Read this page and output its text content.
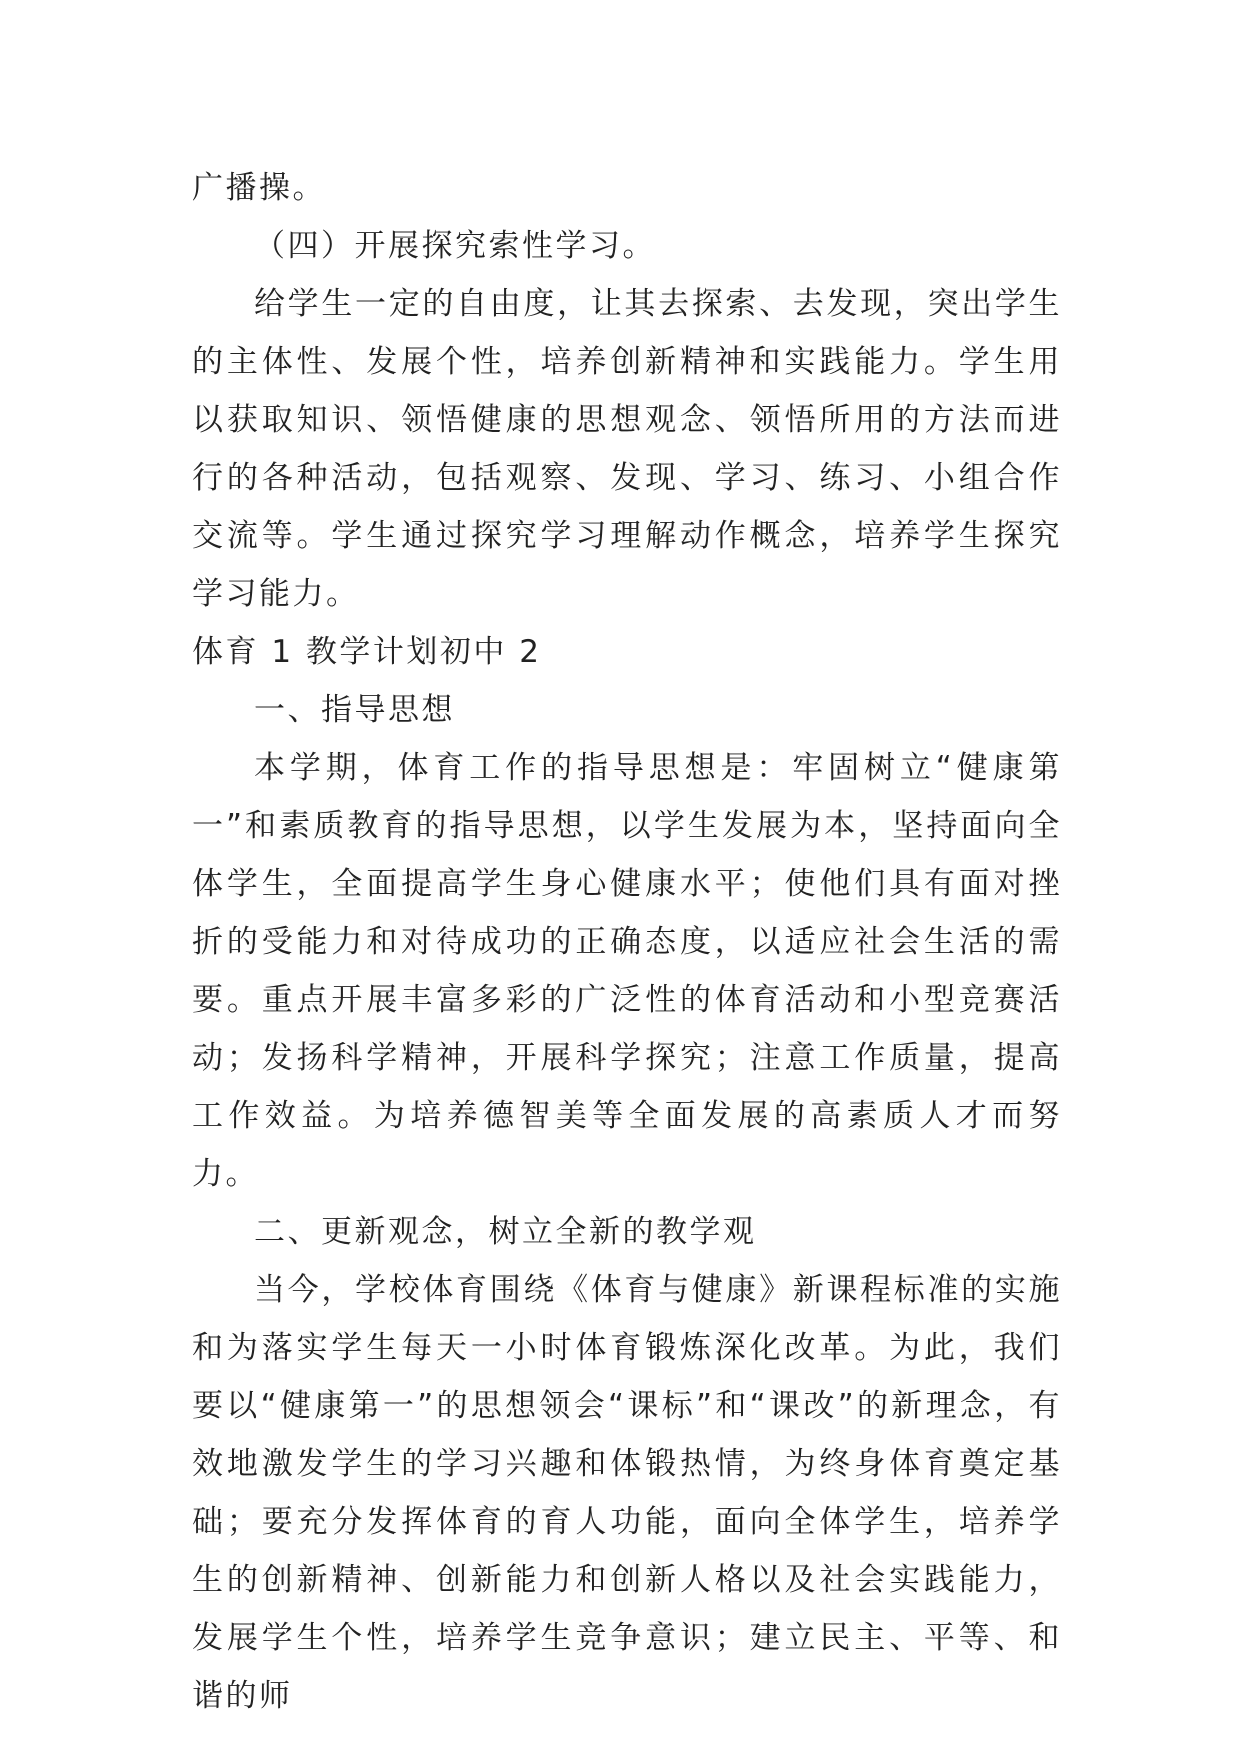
广播操。

（四）开展探究索性学习。

给学生一定的自由度，让其去探索、去发现，突出学生的主体性、发展个性，培养创新精神和实践能力。学生用以获取知识、领悟健康的思想观念、领悟所用的方法而进行的各种活动，包括观察、发现、学习、练习、小组合作交流等。学生通过探究学习理解动作概念，培养学生探究学习能力。

体育 1 教学计划初中 2

一、指导思想

本学期，体育工作的指导思想是：牢固树立“健康第一”和素质教育的指导思想，以学生发展为本，坚持面向全体学生，全面提高学生身心健康水平；使他们具有面对挫折的受能力和对待成功的正确态度，以适应社会生活的需要。重点开展丰富多彩的广泛性的体育活动和小型竞赛活动；发扬科学精神，开展科学探究；注意工作质量，提高工作效益。为培养德智美等全面发展的高素质人才而努力。

二、更新观念，树立全新的教学观

当今，学校体育围绕《体育与健康》新课程标准的实施和为落实学生每天一小时体育锻炼深化改革。为此，我们要以“健康第一”的思想领会“课标”和“课改”的新理念，有效地激发学生的学习兴趣和体锻热情，为终身体育奠定基础；要充分发挥体育的育人功能，面向全体学生，培养学生的创新精神、创新能力和创新人格以及社会实践能力，发展学生个性，培养学生竞争意识；建立民主、平等、和谐的师
